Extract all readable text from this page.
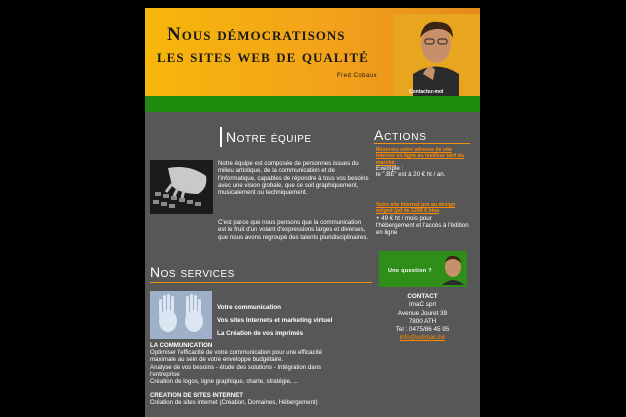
Nous démocratisons
les sites web de qualité
Fred Cobaux
Contactez-moi
Notre équipe
Notre équipe est composée de personnes issues du milieu artistique, de la communication et de l'informatique, capables de répondre à tous vos besoins avec une vision globale, que ce soit graphiquement, musicalement ou techniquement.
C'est parce que nous pensons que la communication est le fruit d'un volant d'expressions larges et diverses, que nous avons regroupé des talents pluridisciplinaires.
Actions
Réservez votre adresse de site Internet en ligne au meilleur tarif du marché.
Exemple :
le ".BE" est à 20 € ht / an.
Votre site Internet pro au design soigné (pd de 1290 € htva
+ 49 € ht / mois pour l'hébergement et l'accès à l'édition en ligne
Une question ?
CONTACT
ImaC sprl
Avenue Jouret 39
7800 ATH
Tel : 0475/86 45 95
info@edimac.be
Nos services
Votre communication
Vos sites Internets et marketing virtuel
La Création de vos imprimés
LA COMMUNICATION
Optimiser l'efficacité de votre communication pour une efficacité
maximale au sein de votre enveloppe budgétaire.
Analyse de vos besoins - étude des solutions - Intégration dans
l'entreprise
Création de logos, ligne graphique, charte, stratégie, ...
CREATION DE SITES INTERNET
Création de sites internet (Création, Domaines, Hébergement)
